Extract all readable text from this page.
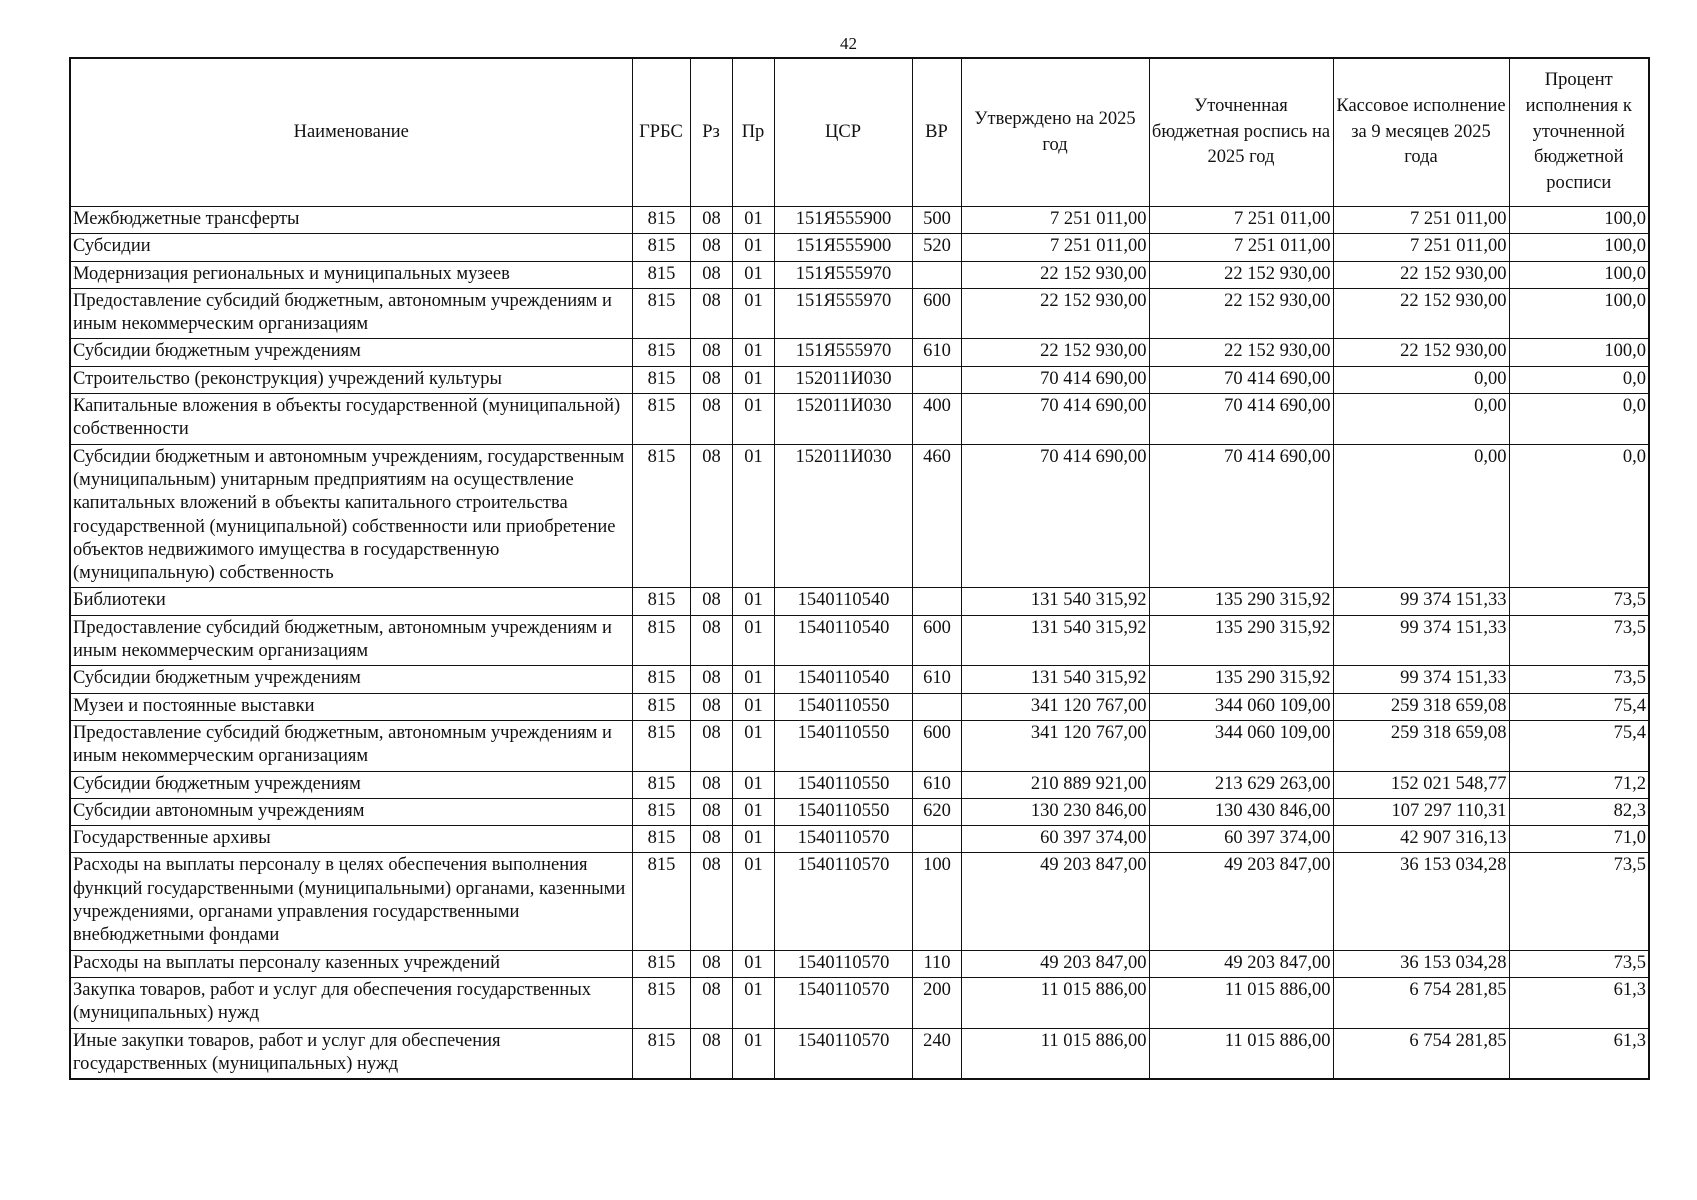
42
Наименование	ГРБС	Рз	Пр	ЦСР	ВР	Утверждено на 2025 год	Уточненная бюджетная роспись на 2025 год	Кассовое исполнение за 9 месяцев 2025 года	Процент исполнения к уточненной бюджетной росписи
Межбюджетные трансферты	815	08	01	151Я555900	500	7 251 011,00	7 251 011,00	7 251 011,00	100,0
Субсидии	815	08	01	151Я555900	520	7 251 011,00	7 251 011,00	7 251 011,00	100,0
Модернизация региональных и муниципальных музеев	815	08	01	151Я555970		22 152 930,00	22 152 930,00	22 152 930,00	100,0
Предоставление субсидий бюджетным, автономным учреждениям и иным некоммерческим организациям	815	08	01	151Я555970	600	22 152 930,00	22 152 930,00	22 152 930,00	100,0
Субсидии бюджетным учреждениям	815	08	01	151Я555970	610	22 152 930,00	22 152 930,00	22 152 930,00	100,0
Строительство (реконструкция) учреждений культуры	815	08	01	152011И030		70 414 690,00	70 414 690,00	0,00	0,0
Капитальные вложения в объекты государственной (муниципальной) собственности	815	08	01	152011И030	400	70 414 690,00	70 414 690,00	0,00	0,0
Субсидии бюджетным и автономным учреждениям, государственным (муниципальным) унитарным предприятиям на осуществление капитальных вложений в объекты капитального строительства государственной (муниципальной) собственности или приобретение объектов недвижимого имущества в государственную (муниципальную) собственность	815	08	01	152011И030	460	70 414 690,00	70 414 690,00	0,00	0,0
Библиотеки	815	08	01	1540110540		131 540 315,92	135 290 315,92	99 374 151,33	73,5
Предоставление субсидий бюджетным, автономным учреждениям и иным некоммерческим организациям	815	08	01	1540110540	600	131 540 315,92	135 290 315,92	99 374 151,33	73,5
Субсидии бюджетным учреждениям	815	08	01	1540110540	610	131 540 315,92	135 290 315,92	99 374 151,33	73,5
Музеи и постоянные выставки	815	08	01	1540110550		341 120 767,00	344 060 109,00	259 318 659,08	75,4
Предоставление субсидий бюджетным, автономным учреждениям и иным некоммерческим организациям	815	08	01	1540110550	600	341 120 767,00	344 060 109,00	259 318 659,08	75,4
Субсидии бюджетным учреждениям	815	08	01	1540110550	610	210 889 921,00	213 629 263,00	152 021 548,77	71,2
Субсидии автономным учреждениям	815	08	01	1540110550	620	130 230 846,00	130 430 846,00	107 297 110,31	82,3
Государственные архивы	815	08	01	1540110570		60 397 374,00	60 397 374,00	42 907 316,13	71,0
Расходы на выплаты персоналу в целях обеспечения выполнения функций государственными (муниципальными) органами, казенными учреждениями, органами управления государственными внебюджетными фондами	815	08	01	1540110570	100	49 203 847,00	49 203 847,00	36 153 034,28	73,5
Расходы на выплаты персоналу казенных учреждений	815	08	01	1540110570	110	49 203 847,00	49 203 847,00	36 153 034,28	73,5
Закупка товаров, работ и услуг для обеспечения государственных (муниципальных) нужд	815	08	01	1540110570	200	11 015 886,00	11 015 886,00	6 754 281,85	61,3
Иные закупки товаров, работ и услуг для обеспечения государственных (муниципальных) нужд	815	08	01	1540110570	240	11 015 886,00	11 015 886,00	6 754 281,85	61,3
